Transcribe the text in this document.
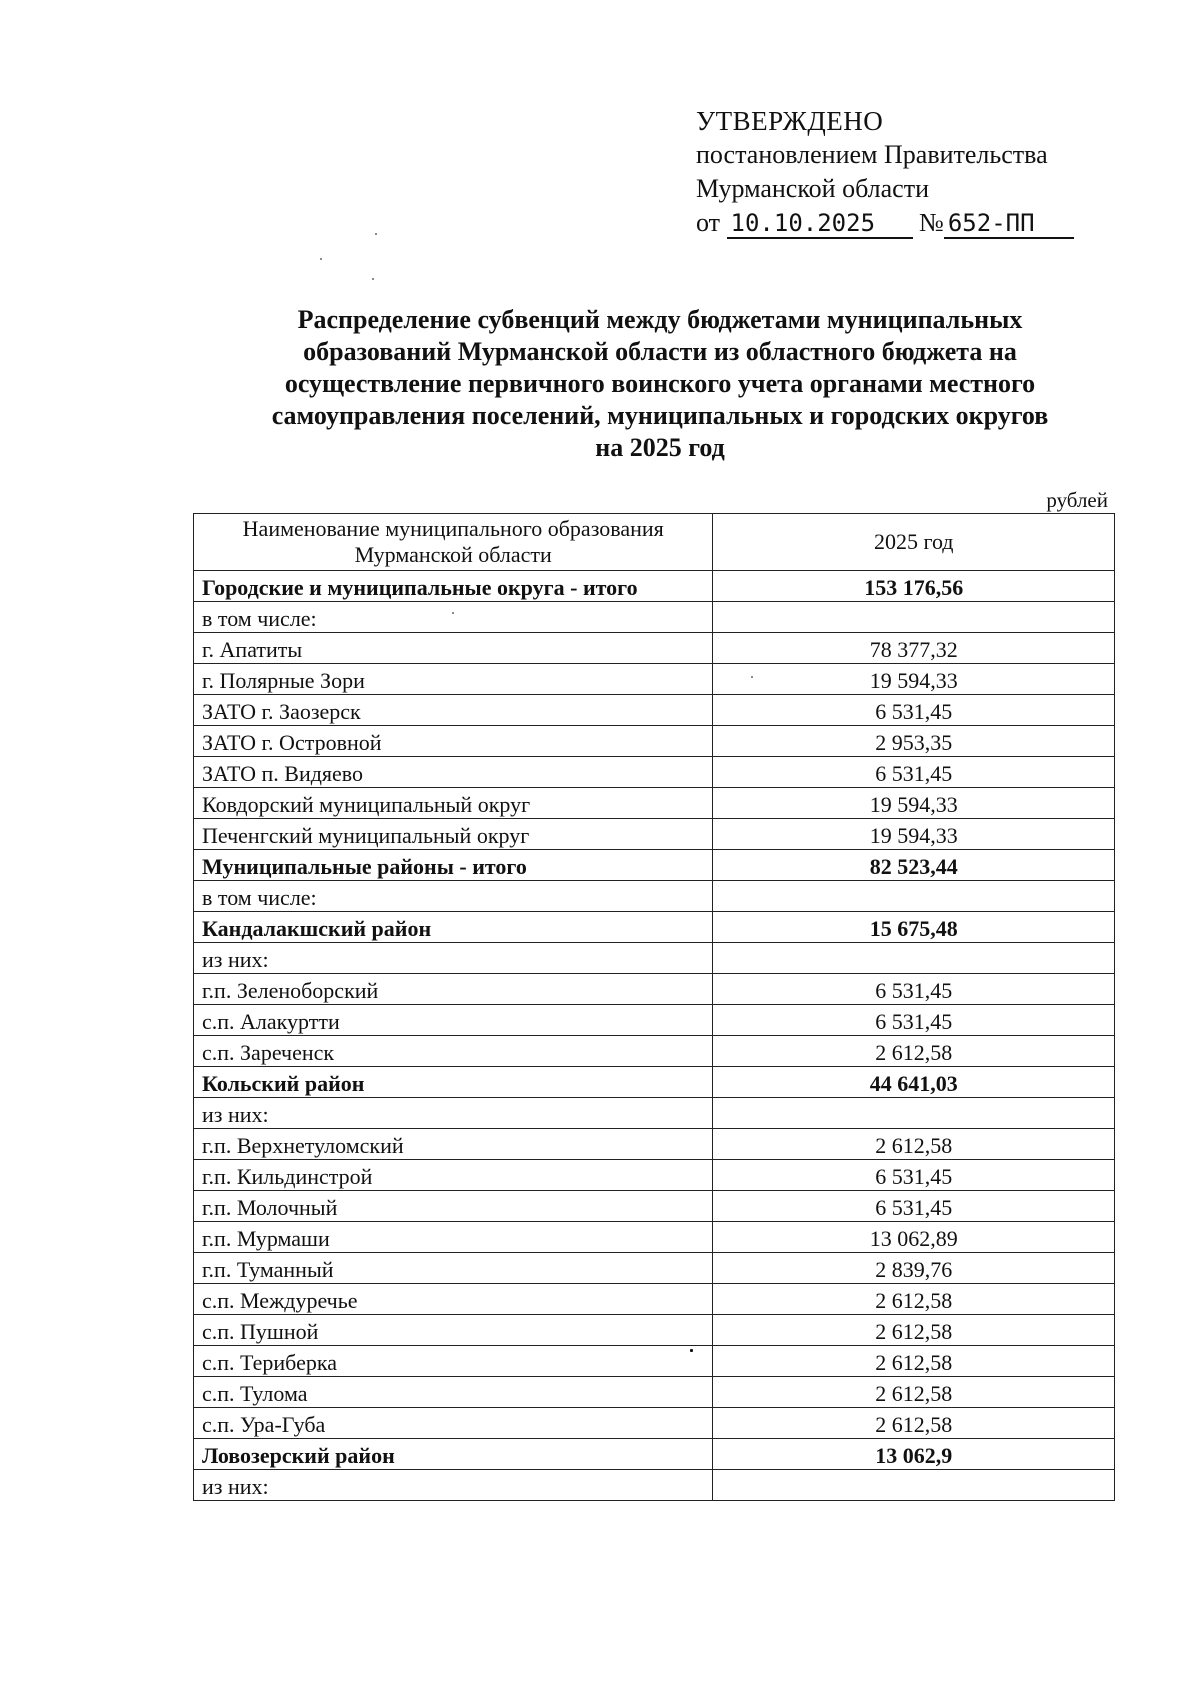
УТВЕРЖДЕНО
постановлением Правительства
Мурманской области
от 10.10.2025 № 652-ПП
Распределение субвенций между бюджетами муниципальных
образований Мурманской области из областного бюджета на
осуществление первичного воинского учета органами местного
самоуправления поселений, муниципальных и городских округов
на 2025 год
рублей
Наименование муниципального образования
Мурманской области	2025 год
Городские и муниципальные округа - итого	153 176,56
в том числе:	
г. Апатиты	78 377,32
г. Полярные Зори	19 594,33
ЗАТО г. Заозерск	6 531,45
ЗАТО г. Островной	2 953,35
ЗАТО п. Видяево	6 531,45
Ковдорский муниципальный округ	19 594,33
Печенгский муниципальный округ	19 594,33
Муниципальные районы - итого	82 523,44
в том числе:	
Кандалакшский район	15 675,48
из них:	
г.п. Зеленоборский	6 531,45
с.п. Алакуртти	6 531,45
с.п. Зареченск	2 612,58
Кольский район	44 641,03
из них:	
г.п. Верхнетуломский	2 612,58
г.п. Кильдинстрой	6 531,45
г.п. Молочный	6 531,45
г.п. Мурмаши	13 062,89
г.п. Туманный	2 839,76
с.п. Междуречье	2 612,58
с.п. Пушной	2 612,58
с.п. Териберка	2 612,58
с.п. Тулома	2 612,58
с.п. Ура-Губа	2 612,58
Ловозерский район	13 062,9
из них:	
